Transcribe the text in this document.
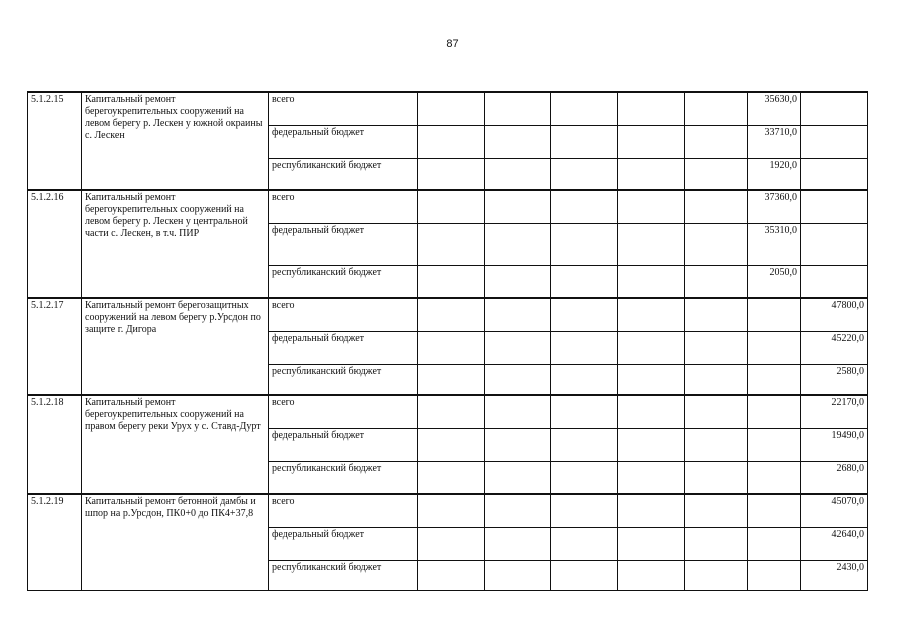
87
5.1.2.15	Капитальный ремонт берегоукрепительных сооружений на левом берегу р. Лескен у южной окраины с. Лескен	всего						35630,0	
		федеральный бюджет						33710,0	
		республиканский бюджет						1920,0	
5.1.2.16	Капитальный ремонт берегоукрепительных сооружений на левом берегу р. Лескен у центральной части с. Лескен, в т.ч. ПИР	всего						37360,0	
		федеральный бюджет						35310,0	
		республиканский бюджет						2050,0	
5.1.2.17	Капитальный ремонт берегозащитных сооружений на левом берегу р.Урсдон по защите г. Дигора	всего							47800,0
		федеральный бюджет							45220,0
		республиканский бюджет							2580,0
5.1.2.18	Капитальный ремонт берегоукрепительных сооружений на правом берегу реки Урух у с. Ставд-Дурт	всего							22170,0
		федеральный бюджет							19490,0
		республиканский бюджет							2680,0
5.1.2.19	Капитальный ремонт бетонной дамбы и шпор на р.Урсдон, ПК0+0 до ПК4+37,8	всего							45070,0
		федеральный бюджет							42640,0
		республиканский бюджет							2430,0
